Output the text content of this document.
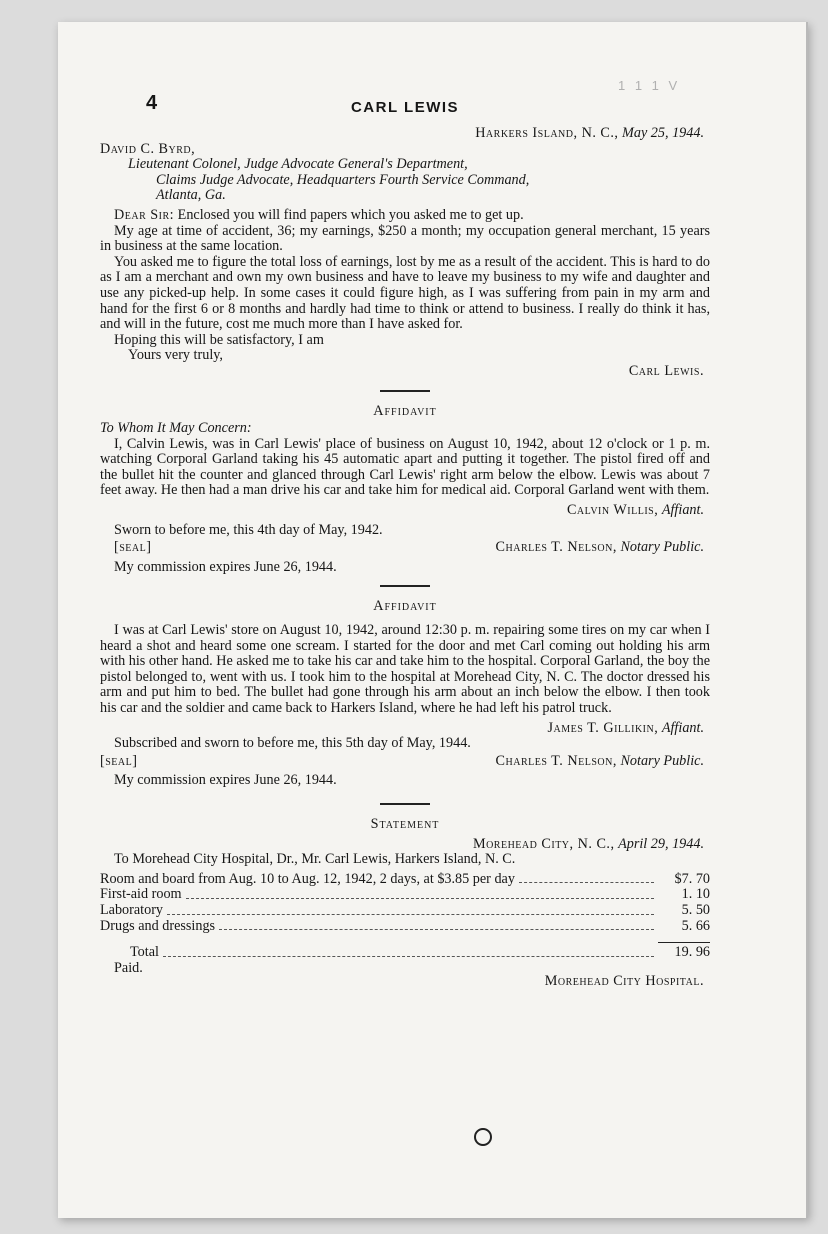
1 1 1 V
4	CARL LEWIS

Harkers Island, N. C., May 25, 1944.

David C. Byrd,

Lieutenant Colonel, Judge Advocate General's Department,

Claims Judge Advocate, Headquarters Fourth Service Command,

Atlanta, Ga.

Dear Sir: Enclosed you will find papers which you asked me to get up.

My age at time of accident, 36; my earnings, $250 a month; my occupation general merchant, 15 years in business at the same location.

You asked me to figure the total loss of earnings, lost by me as a result of the accident. This is hard to do as I am a merchant and own my own business and have to leave my business to my wife and daughter and use any picked-up help. In some cases it could figure high, as I was suffering from pain in my arm and hand for the first 6 or 8 months and hardly had time to think or attend to business. I really do think it has, and will in the future, cost me much more than I have asked for.

Hoping this will be satisfactory, I am

Yours very truly,

Carl Lewis.

Affidavit

To Whom It May Concern:

I, Calvin Lewis, was in Carl Lewis' place of business on August 10, 1942, about 12 o'clock or 1 p. m. watching Corporal Garland taking his 45 automatic apart and putting it together. The pistol fired off and the bullet hit the counter and glanced through Carl Lewis' right arm below the elbow. Lewis was about 7 feet away. He then had a man drive his car and take him for medical aid. Corporal Garland went with them.

Calvin Willis, Affiant.

Sworn to before me, this 4th day of May, 1942.

[seal]	Charles T. Nelson, Notary Public.

My commission expires June 26, 1944.

Affidavit

I was at Carl Lewis' store on August 10, 1942, around 12:30 p. m. repairing some tires on my car when I heard a shot and heard some one scream. I started for the door and met Carl coming out holding his arm with his other hand. He asked me to take his car and take him to the hospital. Corporal Garland, the boy the pistol belonged to, went with us. I took him to the hospital at Morehead City, N. C. The doctor dressed his arm and put him to bed. The bullet had gone through his arm about an inch below the elbow. I then took his car and the soldier and came back to Harkers Island, where he had left his patrol truck.

James T. Gillikin, Affiant.

Subscribed and sworn to before me, this 5th day of May, 1944.

[seal]	Charles T. Nelson, Notary Public.

My commission expires June 26, 1944.

Statement

Morehead City, N. C., April 29, 1944.

To Morehead City Hospital, Dr., Mr. Carl Lewis, Harkers Island, N. C.

Room and board from Aug. 10 to Aug. 12, 1942, 2 days, at $3.85 per day	$7. 70
First-aid room	1. 10
Laboratory	5. 50
Drugs and dressings	5. 66
Total	19. 96

Paid.

Morehead City Hospital.
